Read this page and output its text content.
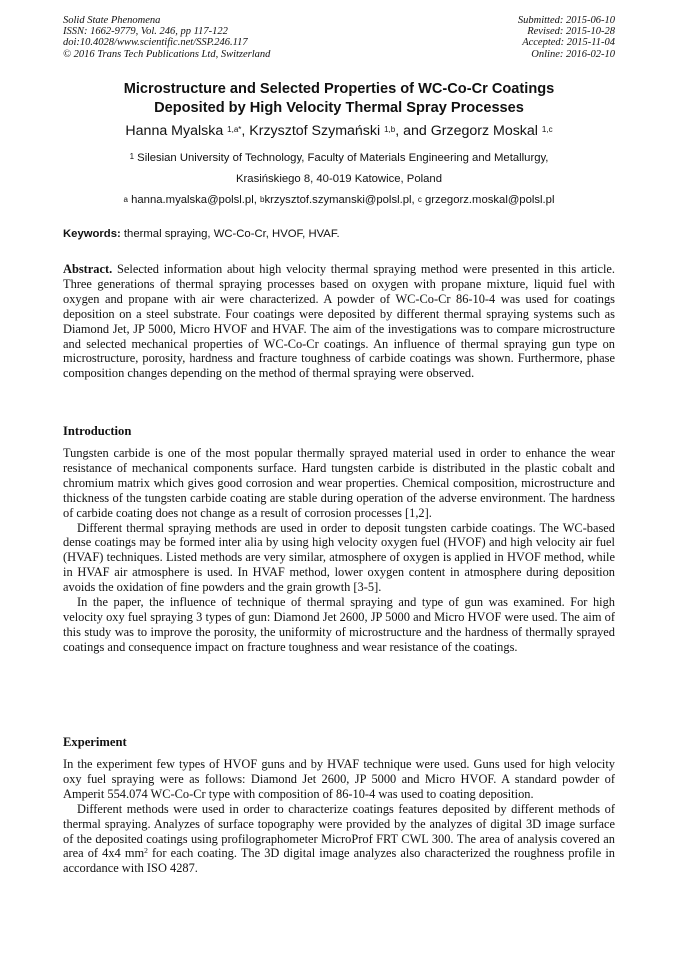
Solid State Phenomena
ISSN: 1662-9779, Vol. 246, pp 117-122
doi:10.4028/www.scientific.net/SSP.246.117
© 2016 Trans Tech Publications Ltd, Switzerland
Submitted: 2015-06-10
Revised: 2015-10-28
Accepted: 2015-11-04
Online: 2016-02-10
Microstructure and Selected Properties of WC-Co-Cr Coatings
Deposited by High Velocity Thermal Spray Processes
Hanna Myalska $^{1,a*}$, Krzysztof Szymański $^{1,b}$, and Grzegorz Moskal $^{1,c}$
$^1$ Silesian University of Technology, Faculty of Materials Engineering and Metallurgy,
Krasińskiego 8, 40-019 Katowice, Poland
$^a$ hanna.myalska@polsl.pl, $^b$krzysztof.szymanski@polsl.pl, $^c$ grzegorz.moskal@polsl.pl
Keywords: thermal spraying, WC-Co-Cr, HVOF, HVAF.

Abstract. Selected information about high velocity thermal spraying method were presented in this article. Three generations of thermal spraying processes based on oxygen with propane mixture, liquid fuel with oxygen and propane with air were characterized. A powder of WC-Co-Cr 86-10-4 was used for coatings deposition on a steel substrate. Four coatings were deposited by different thermal spraying systems such as Diamond Jet, JP 5000, Micro HVOF and HVAF. The aim of the investigations was to compare microstructure and selected mechanical properties of WC-Co-Cr coatings. An influence of thermal spraying gun type on microstructure, porosity, hardness and fracture toughness of carbide coatings was shown. Furthermore, phase composition changes depending on the method of thermal spraying were observed.

Introduction

Tungsten carbide is one of the most popular thermally sprayed material used in order to enhance the wear resistance of mechanical components surface. Hard tungsten carbide is distributed in the plastic cobalt and chromium matrix which gives good corrosion and wear properties. Chemical composition, microstructure and thickness of the tungsten carbide coating are stable during operation of the adverse environment. The hardness of carbide coating does not change as a result of corrosion processes [1,2].

Different thermal spraying methods are used in order to deposit tungsten carbide coatings. The WC-based dense coatings may be formed inter alia by using high velocity oxygen fuel (HVOF) and high velocity air fuel (HVAF) techniques. Listed methods are very similar, atmosphere of oxygen is applied in HVOF method, while in HVAF air atmosphere is used. In HVAF method, lower oxygen content in atmosphere during deposition avoids the oxidation of fine powders and the grain growth [3-5].

In the paper, the influence of technique of thermal spraying and type of gun was examined. For high velocity oxy fuel spraying 3 types of gun: Diamond Jet 2600, JP 5000 and Micro HVOF were used. The aim of this study was to improve the porosity, the uniformity of microstructure and the hardness of thermally sprayed coatings and consequence impact on fracture toughness and wear resistance of the coatings.

Experiment

In the experiment few types of HVOF guns and by HVAF technique were used. Guns used for high velocity oxy fuel spraying were as follows: Diamond Jet 2600, JP 5000 and Micro HVOF. A standard powder of Amperit 554.074 WC-Co-Cr type with composition of 86-10-4 was used to coating deposition.

Different methods were used in order to characterize coatings features deposited by different methods of thermal spraying. Analyzes of surface topography were provided by the analyzes of digital 3D image surface of the deposited coatings using profilographometer MicroProf FRT CWL 300. The area of analysis covered an area of 4x4 $mm^2$ for each coating. The 3D digital image analyzes also characterized the roughness profile in accordance with ISO 4287.
